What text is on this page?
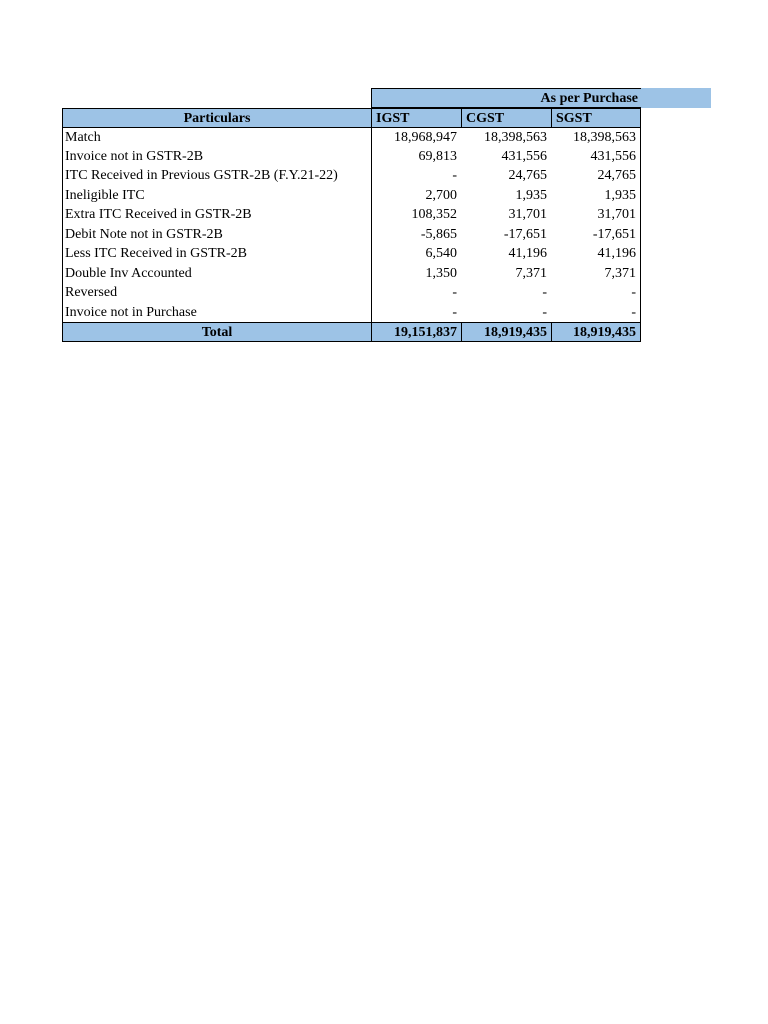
As per Purchase
Particulars	IGST	CGST	SGST
Match	18,968,947	18,398,563	18,398,563
Invoice not in GSTR-2B	69,813	431,556	431,556
ITC Received in Previous GSTR-2B (F.Y.21-22)	-	24,765	24,765
Ineligible ITC	2,700	1,935	1,935
Extra ITC Received in GSTR-2B	108,352	31,701	31,701
Debit Note not in GSTR-2B	-5,865	-17,651	-17,651
Less ITC Received in GSTR-2B	6,540	41,196	41,196
Double Inv Accounted	1,350	7,371	7,371
Reversed	-	-	-
Invoice not in Purchase	-	-	-
Total	19,151,837	18,919,435	18,919,435
